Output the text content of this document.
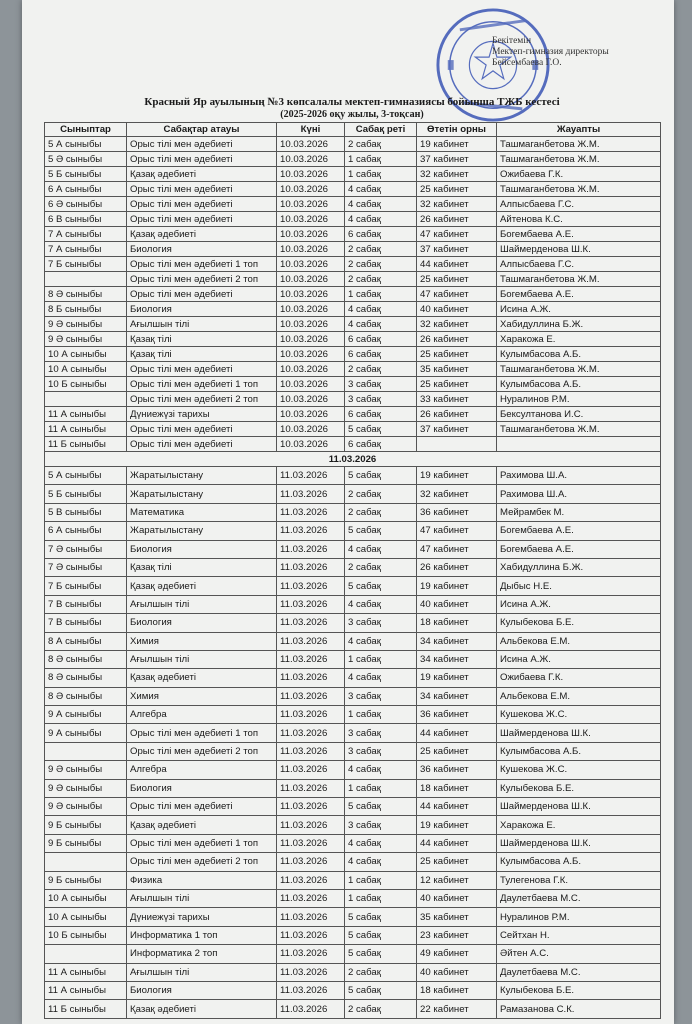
Бекітемін
Мектеп-гимназия директоры
Бейсембаева Г.О.
Красный Яр ауылының №3 көпсалалы мектеп-гимназиясы бойынша ТЖБ кестесі
(2025-2026 оқу жылы, 3-тоқсан)
Сыныптар	Сабақтар атауы	Күні	Сабақ реті	Өтетін орны	Жауапты
5 А сыныбы	Орыс тілі мен әдебиеті	10.03.2026	2 сабақ	19 кабинет	Ташмаганбетова Ж.М.
5 Ә сыныбы	Орыс тілі мен әдебиеті	10.03.2026	1 сабақ	37 кабинет	Ташмаганбетова Ж.М.
5 Б сыныбы	Қазақ әдебиеті	10.03.2026	1 сабақ	32 кабинет	Ожибаева Г.К.
6 А сыныбы	Орыс тілі мен әдебиеті	10.03.2026	4 сабақ	25 кабинет	Ташмаганбетова Ж.М.
6 Ә сыныбы	Орыс тілі мен әдебиеті	10.03.2026	4 сабақ	32 кабинет	Алпысбаева Г.С.
6 В сыныбы	Орыс тілі мен әдебиеті	10.03.2026	4 сабақ	26 кабинет	Айтенова К.С.
7 А сыныбы	Қазақ әдебиеті	10.03.2026	6 сабақ	47 кабинет	Богембаева А.Е.
7 А сыныбы	Биология	10.03.2026	2 сабақ	37 кабинет	Шаймерденова Ш.К.
7 Б сыныбы	Орыс тілі мен әдебиеті 1 топ	10.03.2026	2 сабақ	44 кабинет	Алпысбаева Г.С.
	Орыс тілі мен әдебиеті 2 топ	10.03.2026	2 сабақ	25 кабинет	Ташмаганбетова Ж.М.
8 Ә сыныбы	Орыс тілі мен әдебиеті	10.03.2026	1 сабақ	47 кабинет	Богембаева А.Е.
8 Б сыныбы	Биология	10.03.2026	4 сабақ	40 кабинет	Исина А.Ж.
9 Ә сыныбы	Ағылшын тілі	10.03.2026	4 сабақ	32 кабинет	Хабидуллина Б.Ж.
9 Ә сыныбы	Қазақ тілі	10.03.2026	6 сабақ	26 кабинет	Харакожа Е.
10 А сыныбы	Қазақ тілі	10.03.2026	6 сабақ	25 кабинет	Кулымбасова А.Б.
10 А сыныбы	Орыс тілі мен әдебиеті	10.03.2026	2 сабақ	35 кабинет	Ташмаганбетова Ж.М.
10 Б сыныбы	Орыс тілі мен әдебиеті 1 топ	10.03.2026	3 сабақ	25 кабинет	Кулымбасова А.Б.
	Орыс тілі мен әдебиеті 2 топ	10.03.2026	3 сабақ	33 кабинет	Нуралинов Р.М.
11 А сыныбы	Дүниежүзі тарихы	10.03.2026	6 сабақ	26 кабинет	Бексултанова И.С.
11 А сыныбы	Орыс тілі мен әдебиеті	10.03.2026	5 сабақ	37 кабинет	Ташмаганбетова Ж.М.
11 Б сыныбы	Орыс тілі мен әдебиеті	10.03.2026	6 сабақ		
11.03.2026					
5 А сыныбы	Жаратылыстану	11.03.2026	5 сабақ	19 кабинет	Рахимова Ш.А.
5 Б сыныбы	Жаратылыстану	11.03.2026	2 сабақ	32 кабинет	Рахимова Ш.А.
5 В сыныбы	Математика	11.03.2026	2 сабақ	36 кабинет	Мейрамбек М.
6 А сыныбы	Жаратылыстану	11.03.2026	5 сабақ	47 кабинет	Богембаева А.Е.
7 Ә сыныбы	Биология	11.03.2026	4 сабақ	47 кабинет	Богембаева А.Е.
7 Ә сыныбы	Қазақ тілі	11.03.2026	2 сабақ	26 кабинет	Хабидуллина Б.Ж.
7 Б сыныбы	Қазақ әдебиеті	11.03.2026	5 сабақ	19 кабинет	Дыбыс Н.Е.
7 В сыныбы	Ағылшын тілі	11.03.2026	4 сабақ	40 кабинет	Исина А.Ж.
7 В сыныбы	Биология	11.03.2026	3 сабақ	18 кабинет	Кулыбекова Б.Е.
8 А сыныбы	Химия	11.03.2026	4 сабақ	34 кабинет	Альбекова Е.М.
8 Ә сыныбы	Ағылшын тілі	11.03.2026	1 сабақ	34 кабинет	Исина А.Ж.
8 Ә сыныбы	Қазақ әдебиеті	11.03.2026	4 сабақ	19 кабинет	Ожибаева Г.К.
8 Ә сыныбы	Химия	11.03.2026	3 сабақ	34 кабинет	Альбекова Е.М.
9 А сыныбы	Алгебра	11.03.2026	1 сабақ	36 кабинет	Кушекова Ж.С.
9 А сыныбы	Орыс тілі мен әдебиеті 1 топ	11.03.2026	3 сабақ	44 кабинет	Шаймерденова Ш.К.
	Орыс тілі мен әдебиеті 2 топ	11.03.2026	3 сабақ	25 кабинет	Кулымбасова А.Б.
9 Ә сыныбы	Алгебра	11.03.2026	4 сабақ	36 кабинет	Кушекова Ж.С.
9 Ә сыныбы	Биология	11.03.2026	1 сабақ	18 кабинет	Кулыбекова Б.Е.
9 Ә сыныбы	Орыс тілі мен әдебиеті	11.03.2026	5 сабақ	44 кабинет	Шаймерденова Ш.К.
9 Б сыныбы	Қазақ әдебиеті	11.03.2026	3 сабақ	19 кабинет	Харакожа Е.
9 Б сыныбы	Орыс тілі мен әдебиеті 1 топ	11.03.2026	4 сабақ	44 кабинет	Шаймерденова Ш.К.
	Орыс тілі мен әдебиеті 2 топ	11.03.2026	4 сабақ	25 кабинет	Кулымбасова А.Б.
9 Б сыныбы	Физика	11.03.2026	1 сабақ	12 кабинет	Тулегенова Г.К.
10 А сыныбы	Ағылшын тілі	11.03.2026	1 сабақ	40 кабинет	Даулетбаева М.С.
10 А сыныбы	Дүниежүзі тарихы	11.03.2026	5 сабақ	35 кабинет	Нуралинов Р.М.
10 Б сыныбы	Информатика 1 топ	11.03.2026	5 сабақ	23 кабинет	Сейтхан Н.
	Информатика 2 топ	11.03.2026	5 сабақ	49 кабинет	Әйтен А.С.
11 А сыныбы	Ағылшын тілі	11.03.2026	2 сабақ	40 кабинет	Даулетбаева М.С.
11 А сыныбы	Биология	11.03.2026	5 сабақ	18 кабинет	Кулыбекова Б.Е.
11 Б сыныбы	Қазақ әдебиеті	11.03.2026	2 сабақ	22 кабинет	Рамазанова С.К.
